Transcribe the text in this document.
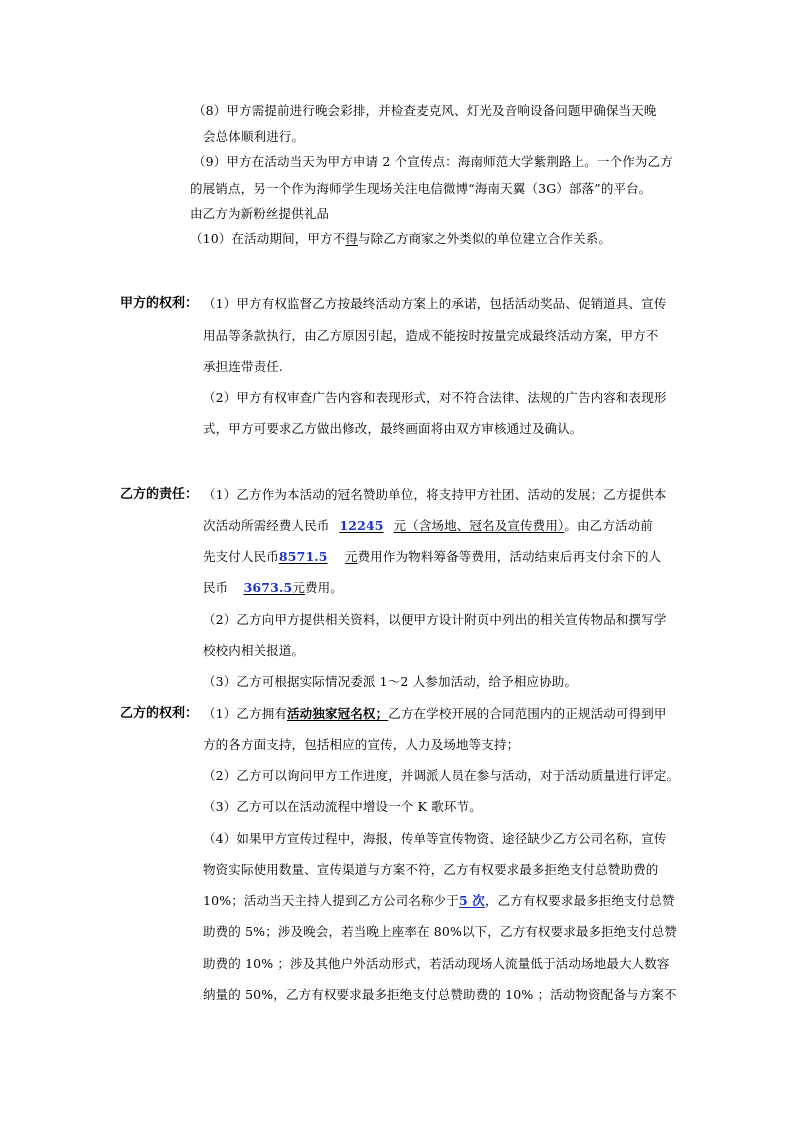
（8）甲方需提前进行晚会彩排，并检查麦克风、灯光及音响设备问题甲确保当天晚
会总体顺利进行。
（9）甲方在活动当天为甲方申请 2 个宣传点：海南师范大学紫荆路上。一个作为乙方
的展销点，另一个作为海师学生现场关注电信微博“海南天翼（3G）部落”的平台。
由乙方为新粉丝提供礼品
（10）在活动期间，甲方不得与除乙方商家之外类似的单位建立合作关系。
甲方的权利： （1）甲方有权监督乙方按最终活动方案上的承诺，包括活动奖品、促销道具、宣传
用品等条款执行，由乙方原因引起，造成不能按时按量完成最终活动方案，甲方不
承担连带责任.
（2）甲方有权审查广告内容和表现形式，对不符合法律、法规的广告内容和表现形
式，甲方可要求乙方做出修改，最终画面将由双方审核通过及确认。
乙方的责任： （1）乙方作为本活动的冠名赞助单位，将支持甲方社团、活动的发展；乙方提供本
次活动所需经费人民币 12245 元（含场地、冠名及宣传费用）。由乙方活动前
先支付人民币8571.5 元费用作为物料筹备等费用，活动结束后再支付余下的人
民币 3673.5元费用。
（2）乙方向甲方提供相关资料，以便甲方设计附页中列出的相关宣传物品和撰写学
校校内相关报道。
（3）乙方可根据实际情况委派 1～2 人参加活动，给予相应协助。
乙方的权利： （1）乙方拥有活动独家冠名权；乙方在学校开展的合同范围内的正规活动可得到甲
方的各方面支持，包括相应的宣传，人力及场地等支持；
（2）乙方可以询问甲方工作进度，并调派人员在参与活动，对于活动质量进行评定。
（3）乙方可以在活动流程中增设一个 K 歌环节。
（4）如果甲方宣传过程中，海报，传单等宣传物资、途径缺少乙方公司名称，宣传
物资实际使用数量、宣传渠道与方案不符，乙方有权要求最多拒绝支付总赞助费的
10%；活动当天主持人提到乙方公司名称少于5 次，乙方有权要求最多拒绝支付总赞
助费的 5%；涉及晚会，若当晚上座率在 80%以下，乙方有权要求最多拒绝支付总赞
助费的 10% ；涉及其他户外活动形式，若活动现场人流量低于活动场地最大人数容
纳量的 50%，乙方有权要求最多拒绝支付总赞助费的 10% ；活动物资配备与方案不
